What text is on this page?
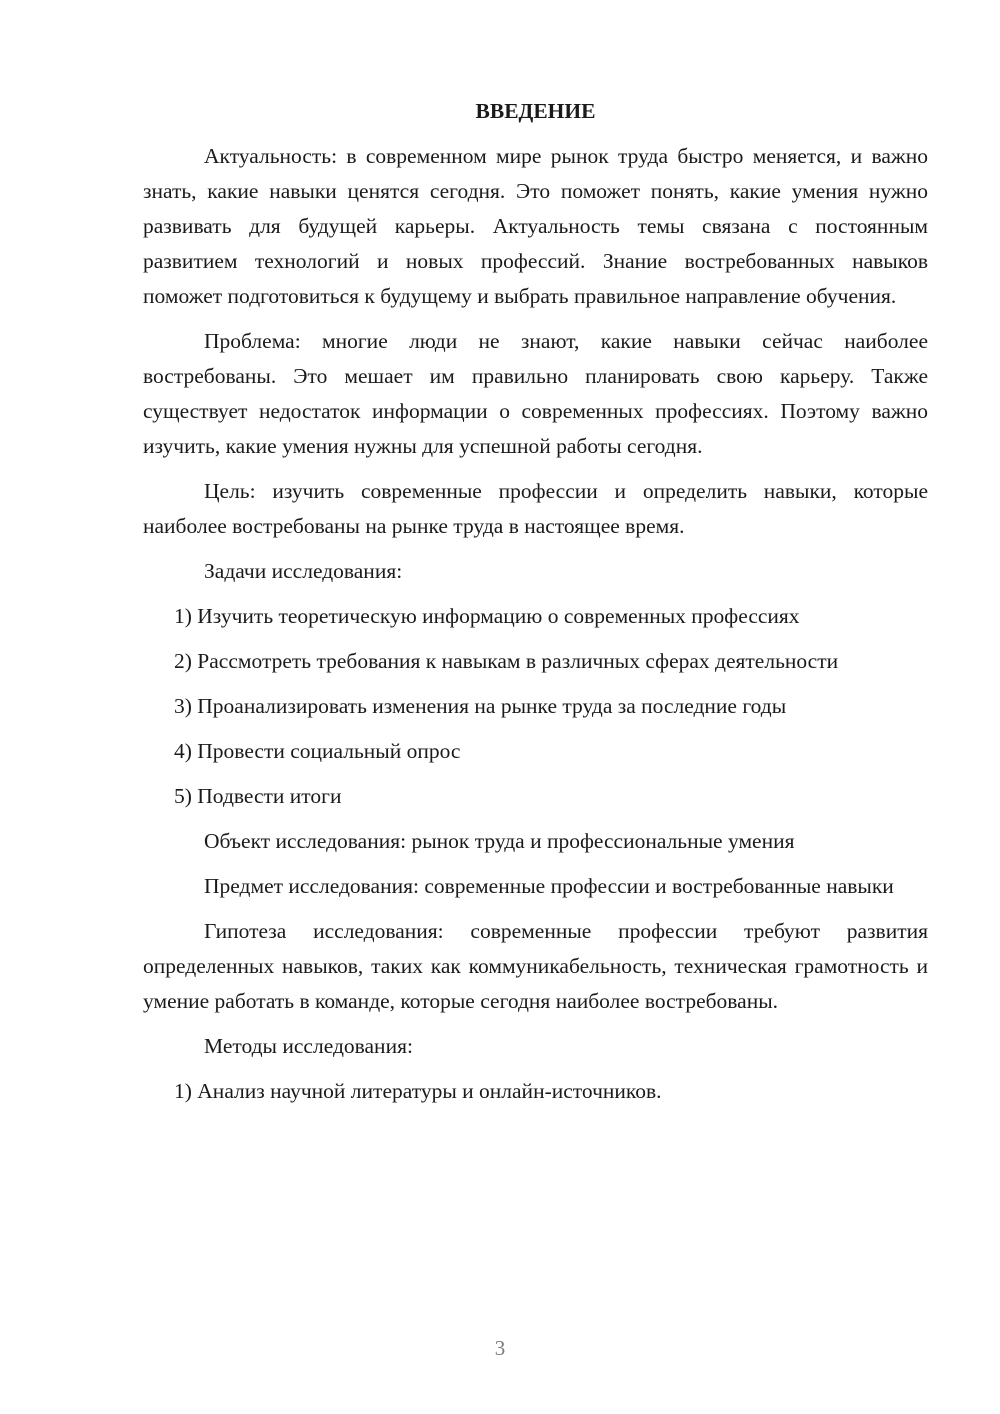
ВВЕДЕНИЕ

Актуальность: в современном мире рынок труда быстро меняется, и важно знать, какие навыки ценятся сегодня. Это поможет понять, какие умения нужно развивать для будущей карьеры. Актуальность темы связана с постоянным развитием технологий и новых профессий. Знание востребованных навыков поможет подготовиться к будущему и выбрать правильное направление обучения.

Проблема: многие люди не знают, какие навыки сейчас наиболее востребованы. Это мешает им правильно планировать свою карьеру. Также существует недостаток информации о современных профессиях. Поэтому важно изучить, какие умения нужны для успешной работы сегодня.

Цель: изучить современные профессии и определить навыки, которые наиболее востребованы на рынке труда в настоящее время.

Задачи исследования:

1) Изучить теоретическую информацию о современных профессиях

2) Рассмотреть требования к навыкам в различных сферах деятельности

3) Проанализировать изменения на рынке труда за последние годы

4) Провести социальный опрос

5) Подвести итоги

Объект исследования: рынок труда и профессиональные умения

Предмет исследования: современные профессии и востребованные навыки

Гипотеза исследования: современные профессии требуют развития определенных навыков, таких как коммуникабельность, техническая грамотность и умение работать в команде, которые сегодня наиболее востребованы.

Методы исследования:

1) Анализ научной литературы и онлайн-источников.

3
